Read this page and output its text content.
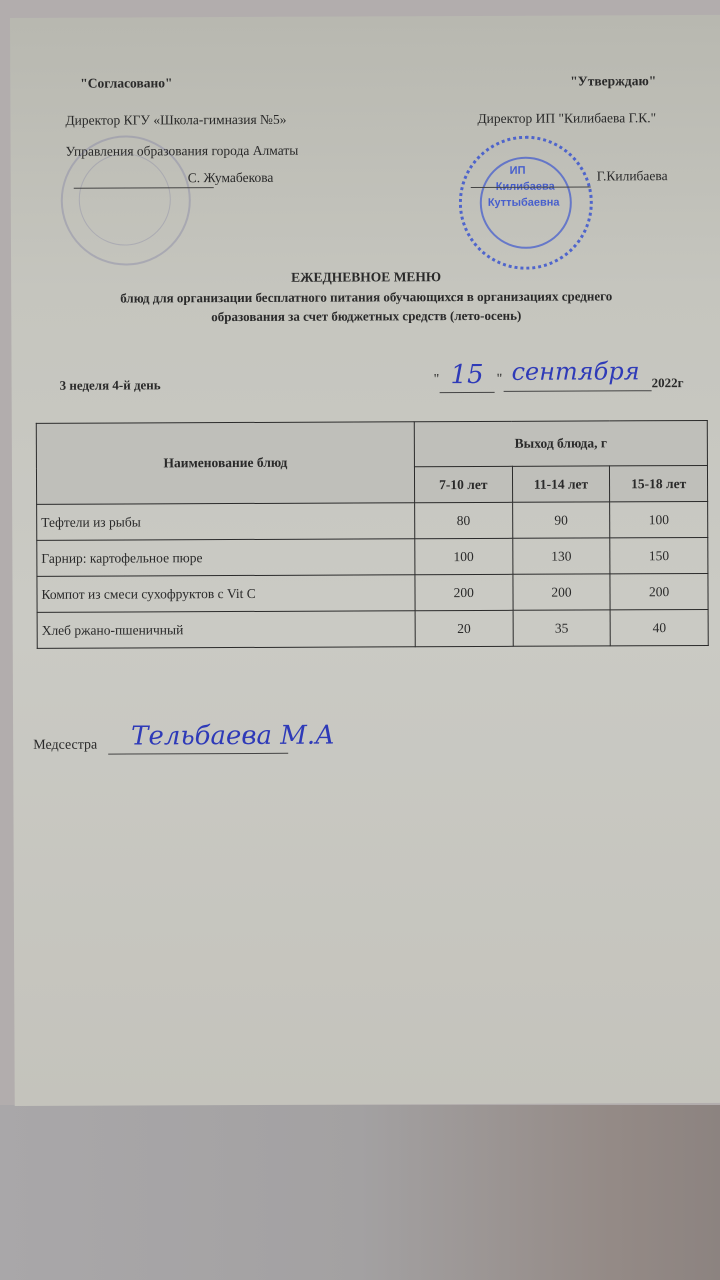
"Согласовано"
Директор КГУ «Школа-гимназия №5»
Управления образования города Алматы
С. Жумабекова	ИП
Килибаева
Куттыбаевна
"Утверждаю"
Директор ИП "Килибаева Г.К."
Г.Килибаева
ЕЖЕДНЕВНОЕ МЕНЮ
блюд для организации бесплатного питания обучающихся в организациях среднего
образования за счет бюджетных средств (лето-осень)
3 неделя 4-й день	" 15 " сентября 2022г
Наименование блюд	Выход блюда, г		
	7-10 лет	11-14 лет	15-18 лет
Тефтели из рыбы	80	90	100
Гарнир: картофельное пюре	100	130	150
Компот из смеси сухофруктов с Vit C	200	200	200
Хлеб ржано-пшеничный	20	35	40
Медсестра Тельбаева М.А
